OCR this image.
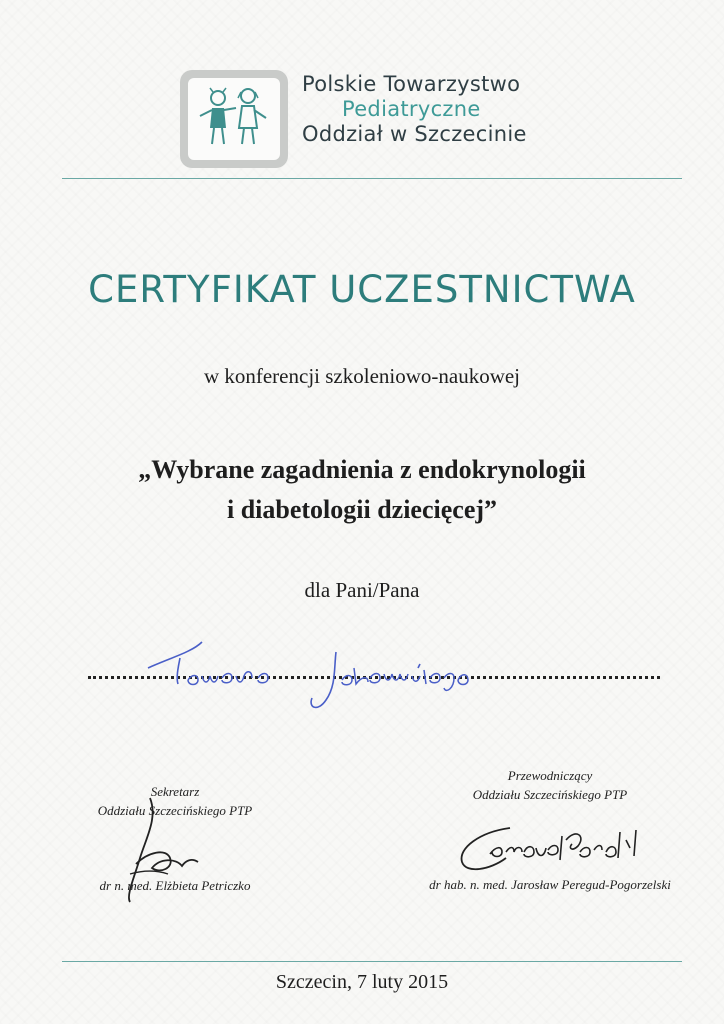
Polskie Towarzystwo
Pediatryczne
Oddział w Szczecinie
CERTYFIKAT UCZESTNICTWA
w konferencji szkoleniowo-naukowej
„Wybrane zagadnienia z endokrynologii
i diabetologii dziecięcej”
dla Pani/Pana
Sekretarz
Oddziału Szczecińskiego PTP
dr n. med. Elżbieta Petriczko
Przewodniczący
Oddziału Szczecińskiego PTP
dr hab. n. med. Jarosław Peregud-Pogorzelski
Szczecin, 7 luty 2015
